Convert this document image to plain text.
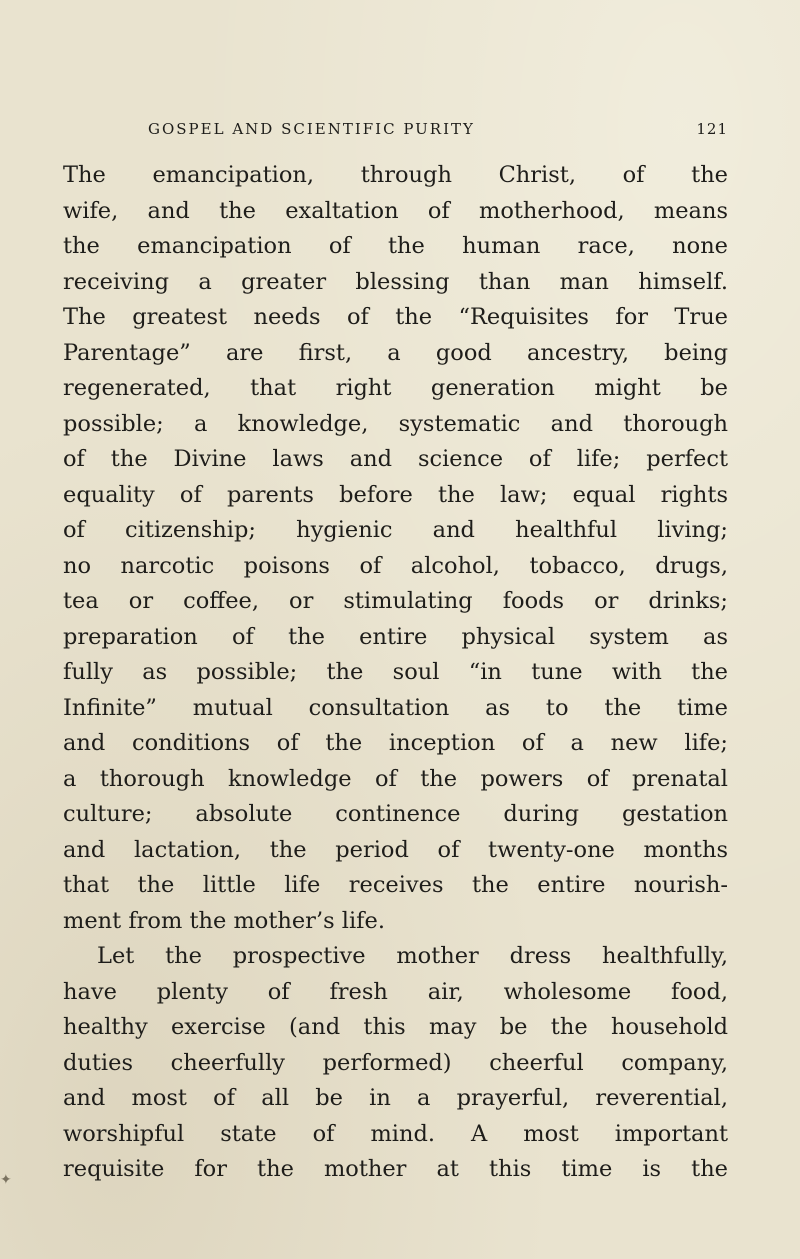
GOSPEL AND SCIENTIFIC PURITY	121
The emancipation, through Christ, of the
wife, and the exaltation of motherhood, means
the emancipation of the human race, none
receiving a greater blessing than man himself.
The greatest needs of the “Requisites for True
Parentage” are first, a good ancestry, being
regenerated, that right generation might be
possible; a knowledge, systematic and thorough
of the Divine laws and science of life; perfect
equality of parents before the law; equal rights
of citizenship; hygienic and healthful living;
no narcotic poisons of alcohol, tobacco, drugs,
tea or coffee, or stimulating foods or drinks;
preparation of the entire physical system as
fully as possible; the soul “in tune with the
Infinite” mutual consultation as to the time
and conditions of the inception of a new life;
a thorough knowledge of the powers of prenatal
culture; absolute continence during gestation
and lactation, the period of twenty-one months
that the little life receives the entire nourish-
ment from the mother’s life.
Let the prospective mother dress healthfully,
have plenty of fresh air, wholesome food,
healthy exercise (and this may be the household
duties cheerfully performed) cheerful company,
and most of all be in a prayerful, reverential,
worshipful state of mind. A most important
requisite for the mother at this time is the
✦
